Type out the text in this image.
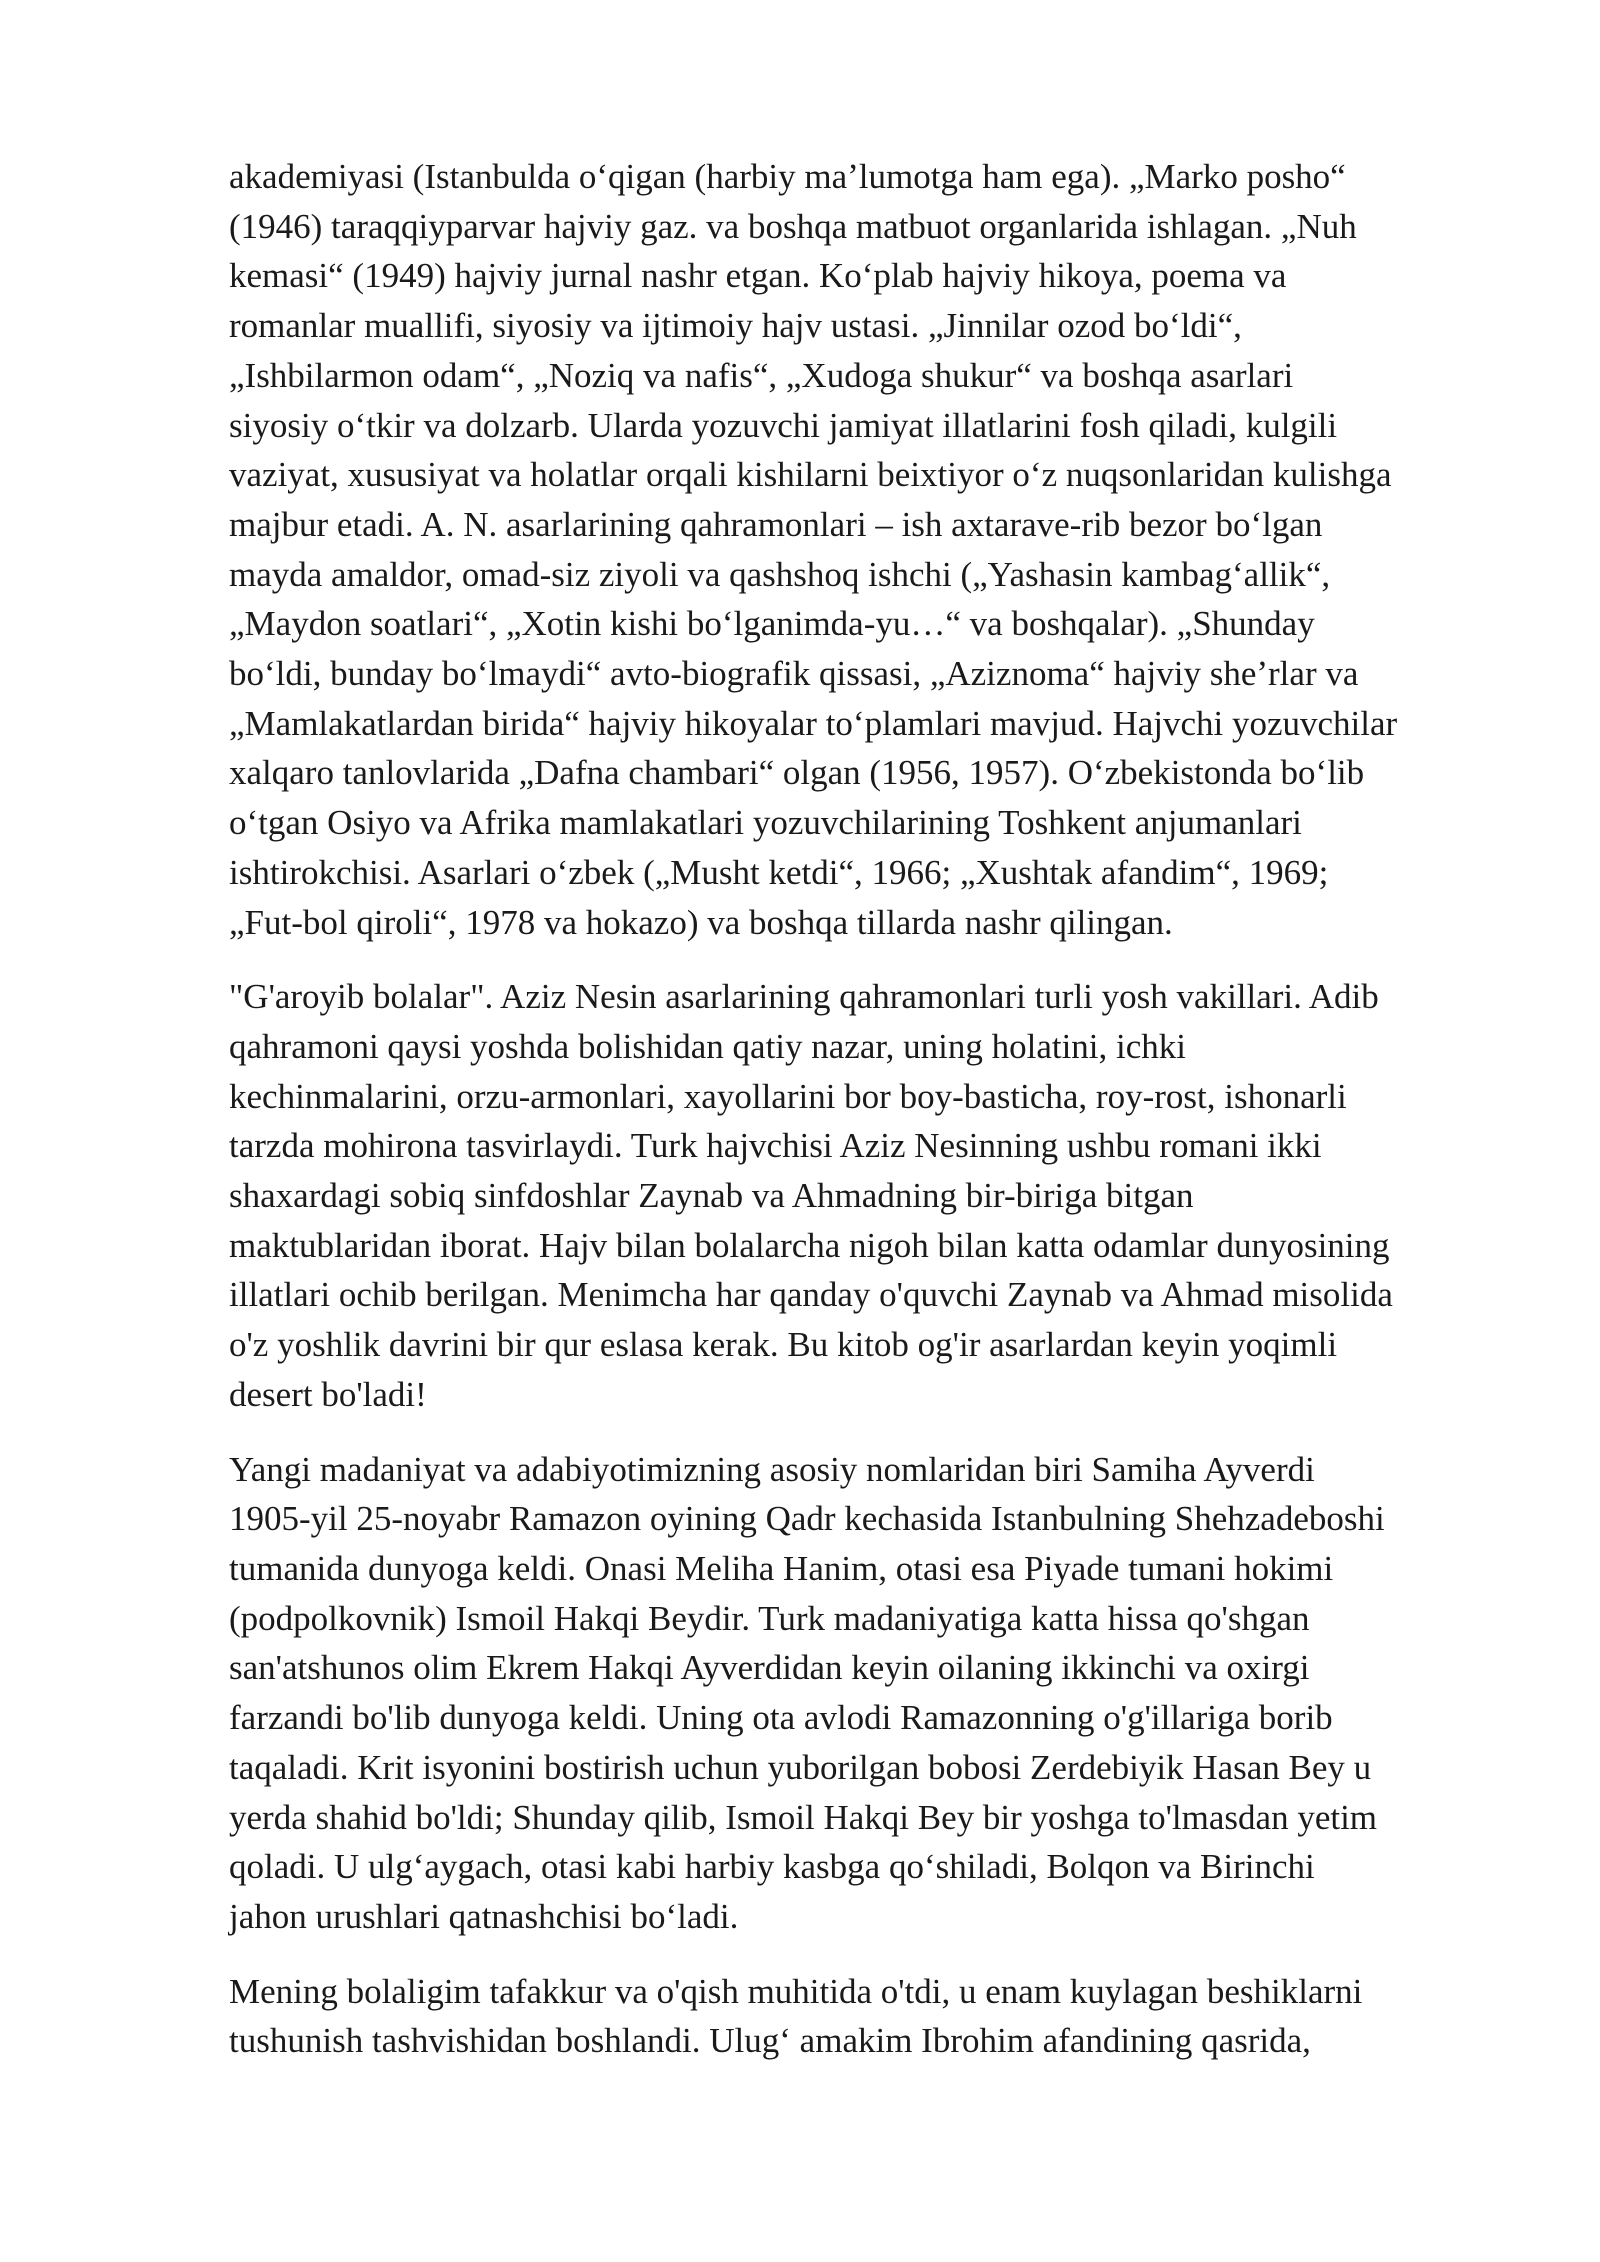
akademiyasi (Istanbulda oʻqigan (harbiy maʼlumotga ham ega). „Marko posho“
(1946) taraqqiyparvar hajviy gaz. va boshqa matbuot organlarida ishlagan. „Nuh
kemasi“ (1949) hajviy jurnal nashr etgan. Koʻplab hajviy hikoya, poema va
romanlar muallifi, siyosiy va ijtimoiy hajv ustasi. „Jinnilar ozod boʻldi“,
„Ishbilarmon odam“, „Noziq va nafis“, „Xudoga shukur“ va boshqa asarlari
siyosiy oʻtkir va dolzarb. Ularda yozuvchi jamiyat illatlarini fosh qiladi, kulgili
vaziyat, xususiyat va holatlar orqali kishilarni beixtiyor oʻz nuqsonlaridan kulishga
majbur etadi. A. N. asarlarining qahramonlari – ish axtarave-rib bezor boʻlgan
mayda amaldor, omad-siz ziyoli va qashshoq ishchi („Yashasin kambagʻallik“,
„Maydon soatlari“, „Xotin kishi boʻlganimda-yu…“ va boshqalar). „Shunday
boʻldi, bunday boʻlmaydi“ avto-biografik qissasi, „Aziznoma“ hajviy sheʼrlar va
„Mamlakatlardan birida“ hajviy hikoyalar toʻplamlari mavjud. Hajvchi yozuvchilar
xalqaro tanlovlarida „Dafna chambari“ olgan (1956, 1957). Oʻzbekistonda boʻlib
oʻtgan Osiyo va Afrika mamlakatlari yozuvchilarining Toshkent anjumanlari
ishtirokchisi. Asarlari oʻzbek („Musht ketdi“, 1966; „Xushtak afandim“, 1969;
„Fut-bol qiroli“, 1978 va hokazo) va boshqa tillarda nashr qilingan.

"G'aroyib bolalar". Aziz Nesin asarlarining qahramonlari turli yosh vakillari. Adib
qahramoni qaysi yoshda bolishidan qatiy nazar, uning holatini, ichki
kechinmalarini, orzu-armonlari, xayollarini bor boy-basticha, roy-rost, ishonarli
tarzda mohirona tasvirlaydi. Turk hajvchisi Aziz Nesinning ushbu romani ikki
shaxardagi sobiq sinfdoshlar Zaynab va Ahmadning bir-biriga bitgan
maktublaridan iborat. Hajv bilan bolalarcha nigoh bilan katta odamlar dunyosining
illatlari ochib berilgan. Menimcha har qanday o'quvchi Zaynab va Ahmad misolida
o'z yoshlik davrini bir qur eslasa kerak. Bu kitob og'ir asarlardan keyin yoqimli
desert bo'ladi!

Yangi madaniyat va adabiyotimizning asosiy nomlaridan biri Samiha Ayverdi
1905-yil 25-noyabr Ramazon oyining Qadr kechasida Istanbulning Shehzadeboshi
tumanida dunyoga keldi. Onasi Meliha Hanim, otasi esa Piyade tumani hokimi
(podpolkovnik) Ismoil Hakqi Beydir. Turk madaniyatiga katta hissa qo'shgan
san'atshunos olim Ekrem Hakqi Ayverdidan keyin oilaning ikkinchi va oxirgi
farzandi bo'lib dunyoga keldi. Uning ota avlodi Ramazonning o'g'illariga borib
taqaladi. Krit isyonini bostirish uchun yuborilgan bobosi Zerdebiyik Hasan Bey u
yerda shahid bo'ldi; Shunday qilib, Ismoil Hakqi Bey bir yoshga to'lmasdan yetim
qoladi. U ulgʻaygach, otasi kabi harbiy kasbga qoʻshiladi, Bolqon va Birinchi
jahon urushlari qatnashchisi boʻladi.

Mening bolaligim tafakkur va o'qish muhitida o'tdi, u enam kuylagan beshiklarni
tushunish tashvishidan boshlandi. Ulugʻ amakim Ibrohim afandining qasrida,
